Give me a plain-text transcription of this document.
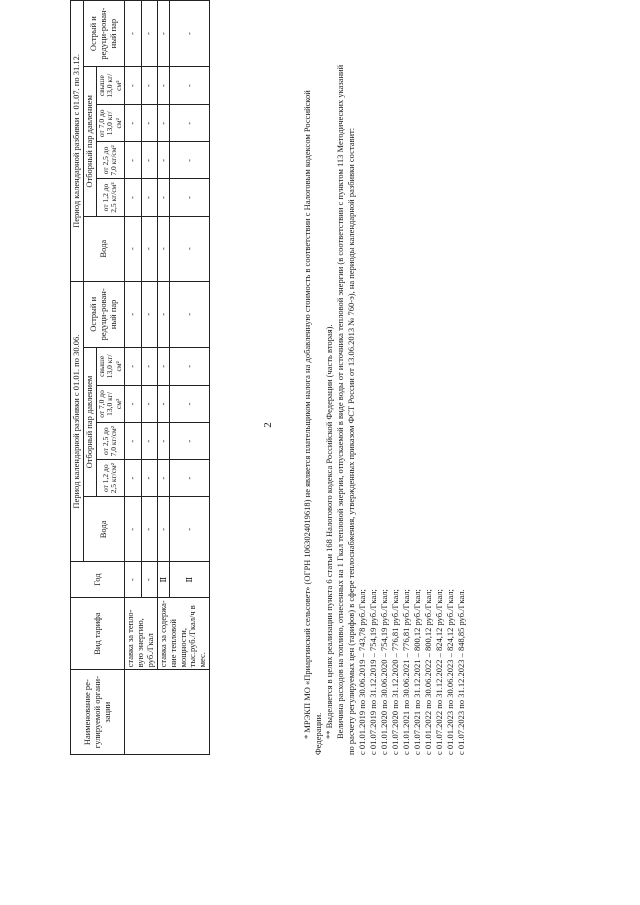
2
Наименование ре-гулируемой органи-зации	Вид тарифа	Год	Период календарной разбивки с 01.01. по 30.06.						Период календарной разбивки с 01.07. по 31.12.					
			Вода	Отборный пар давлением				Острый и редуци-рован-ный пар	Вода	Отборный пар давлением				Острый и редуци-рован-ный пар
				от 1,2 до 2,5 кг/см²	от 2,5 до 7,0 кг/см²	от 7,0 до 13,0 кг/см²	свыше 13,0 кг/см²			от 1,2 до 2,5 кг/см²	от 2,5 до 7,0 кг/см²	от 7,0 до 13,0 кг/см²	свыше 13,0 кг/см²	
	ставка за тепло-вую энергию, руб./Гкал	-	-	-	-	-	-	-	-	-	-	-	-	-
		-	-	-	-	-	-	-	-	-	-	-	-	-
	ставка за содержа-ние тепловой мощности, тыс.руб./Гкал/ч в мес.	Ⅱ	-	-	-	-	-	-	-	-	-	-	-	-
		Ⅱ	-	-	-	-	-	-	-	-	-	-	-	-

* МРЭКП МО «Приаргинский сельсовет» (ОГРН 1063024019618) не является плательщиком налога на добавленную стоимость в соответствии с Налоговым кодексом Российской Федерации. ** Выделяется в целях реализации пункта 6 статьи 168 Налогового кодекса Российской Федерации (часть вторая). Величина расходов на топливо, отнесенных на 1 Гкал тепловой энергии, отпускаемой в виде воды от источника тепловой энергии (в соответствии с пунктом 113 Методических указаний по расчету регулируемых цен (тарифов) в сфере теплоснабжения, утвержденных приказом ФСТ России от 13.06.2013 № 760-э), на периоды календарной разбивки составит: с 01.01.2019 по 30.06.2019 – 743,78 руб./Гкал; с 01.07.2019 по 31.12.2019 – 754,19 руб./Гкал; с 01.01.2020 по 30.06.2020 – 754,19 руб./Гкал; с 01.07.2020 по 31.12.2020 – 776,81 руб./Гкал; с 01.01.2021 по 30.06.2021 – 776,81 руб./Гкал; с 01.07.2021 по 31.12.2021 – 800,12 руб./Гкал; с 01.01.2022 по 30.06.2022 – 800,12 руб./Гкал; с 01.07.2022 по 31.12.2022 – 824,12 руб./Гкал; с 01.01.2023 по 30.06.2023 – 824,12 руб./Гкал; с 01.07.2023 по 31.12.2023 – 848,85 руб./Гкал.
